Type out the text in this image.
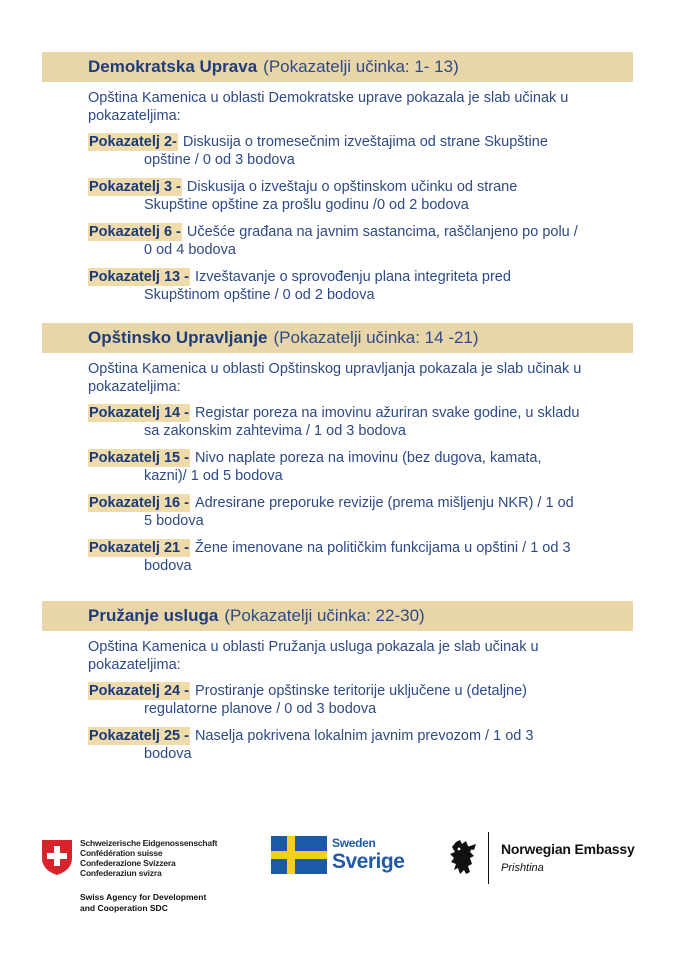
Demokratska Uprava (Pokazatelji učinka: 1- 13)
Opština Kamenica u oblasti Demokratske uprave pokazala je slab učinak u pokazateljima:
Pokazatelj 2- Diskusija o tromesečnim izveštajima od strane Skupštine
opštine / 0 od 3 bodova
Pokazatelj 3 - Diskusija o izveštaju o opštinskom učinku od strane
Skupštine opštine za prošlu godinu /0 od 2 bodova
Pokazatelj 6 - Učešće građana na javnim sastancima, raščlanjeno po polu /
0 od 4 bodova
Pokazatelj 13 - Izveštavanje o sprovođenju plana integriteta pred
Skupštinom opštine / 0 od 2 bodova
Opštinsko Upravljanje (Pokazatelji učinka: 14 -21)
Opština Kamenica u oblasti Opštinskog upravljanja pokazala je slab učinak u pokazateljima:
Pokazatelj 14 - Registar poreza na imovinu ažuriran svake godine, u skladu
sa zakonskim zahtevima / 1 od 3 bodova
Pokazatelj 15 - Nivo naplate poreza na imovinu (bez dugova, kamata,
kazni)/ 1 od 5 bodova
Pokazatelj 16 - Adresirane preporuke revizije (prema mišljenju NKR) / 1 od
5 bodova
Pokazatelj 21 - Žene imenovane na političkim funkcijama u opštini / 1 od 3
bodova
Pružanje usluga (Pokazatelji učinka: 22-30)
Opština Kamenica u oblasti Pružanja usluga pokazala je slab učinak u pokazateljima:
Pokazatelj 24 - Prostiranje opštinske teritorije uključene u (detaljne)
regulatorne planove / 0 od 3 bodova
Pokazatelj 25 - Naselja pokrivena lokalnim javnim prevozom / 1 od 3
bodova
Schweizerische Eidgenossenschaft
Confédération suisse
Confederazione Svizzera
Confederaziun svizra
Swiss Agency for Development
and Cooperation SDC
Sweden
Sverige
Norwegian Embassy
Prishtina
